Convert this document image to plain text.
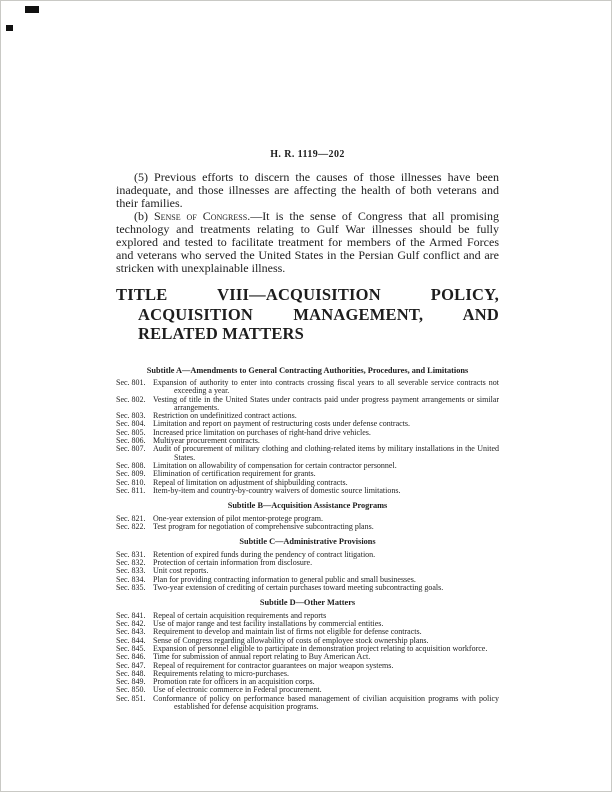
H. R. 1119—202

(5) Previous efforts to discern the causes of those illnesses have been inadequate, and those illnesses are affecting the health of both veterans and their families.

(b) Sense of Congress.—It is the sense of Congress that all promising technology and treatments relating to Gulf War illnesses should be fully explored and tested to facilitate treatment for members of the Armed Forces and veterans who served the United States in the Persian Gulf conflict and are stricken with unexplainable illness.

TITLE VIII—ACQUISITION POLICY, ACQUISITION MANAGEMENT, AND RELATED MATTERS
Subtitle A—Amendments to General Contracting Authorities, Procedures, and Limitations
Sec. 801. Expansion of authority to enter into contracts crossing fiscal years to all severable service contracts not exceeding a year.
Sec. 802. Vesting of title in the United States under contracts paid under progress payment arrangements or similar arrangements.
Sec. 803. Restriction on undefinitized contract actions.
Sec. 804. Limitation and report on payment of restructuring costs under defense contracts.
Sec. 805. Increased price limitation on purchases of right-hand drive vehicles.
Sec. 806. Multiyear procurement contracts.
Sec. 807. Audit of procurement of military clothing and clothing-related items by military installations in the United States.
Sec. 808. Limitation on allowability of compensation for certain contractor personnel.
Sec. 809. Elimination of certification requirement for grants.
Sec. 810. Repeal of limitation on adjustment of shipbuilding contracts.
Sec. 811. Item-by-item and country-by-country waivers of domestic source limitations.
Subtitle B—Acquisition Assistance Programs
Sec. 821. One-year extension of pilot mentor-protege program.
Sec. 822. Test program for negotiation of comprehensive subcontracting plans.
Subtitle C—Administrative Provisions
Sec. 831. Retention of expired funds during the pendency of contract litigation.
Sec. 832. Protection of certain information from disclosure.
Sec. 833. Unit cost reports.
Sec. 834. Plan for providing contracting information to general public and small businesses.
Sec. 835. Two-year extension of crediting of certain purchases toward meeting subcontracting goals.
Subtitle D—Other Matters
Sec. 841. Repeal of certain acquisition requirements and reports
Sec. 842. Use of major range and test facility installations by commercial entities.
Sec. 843. Requirement to develop and maintain list of firms not eligible for defense contracts.
Sec. 844. Sense of Congress regarding allowability of costs of employee stock ownership plans.
Sec. 845. Expansion of personnel eligible to participate in demonstration project relating to acquisition workforce.
Sec. 846. Time for submission of annual report relating to Buy American Act.
Sec. 847. Repeal of requirement for contractor guarantees on major weapon systems.
Sec. 848. Requirements relating to micro-purchases.
Sec. 849. Promotion rate for officers in an acquisition corps.
Sec. 850. Use of electronic commerce in Federal procurement.
Sec. 851. Conformance of policy on performance based management of civilian acquisition programs with policy established for defense acquisition programs.
